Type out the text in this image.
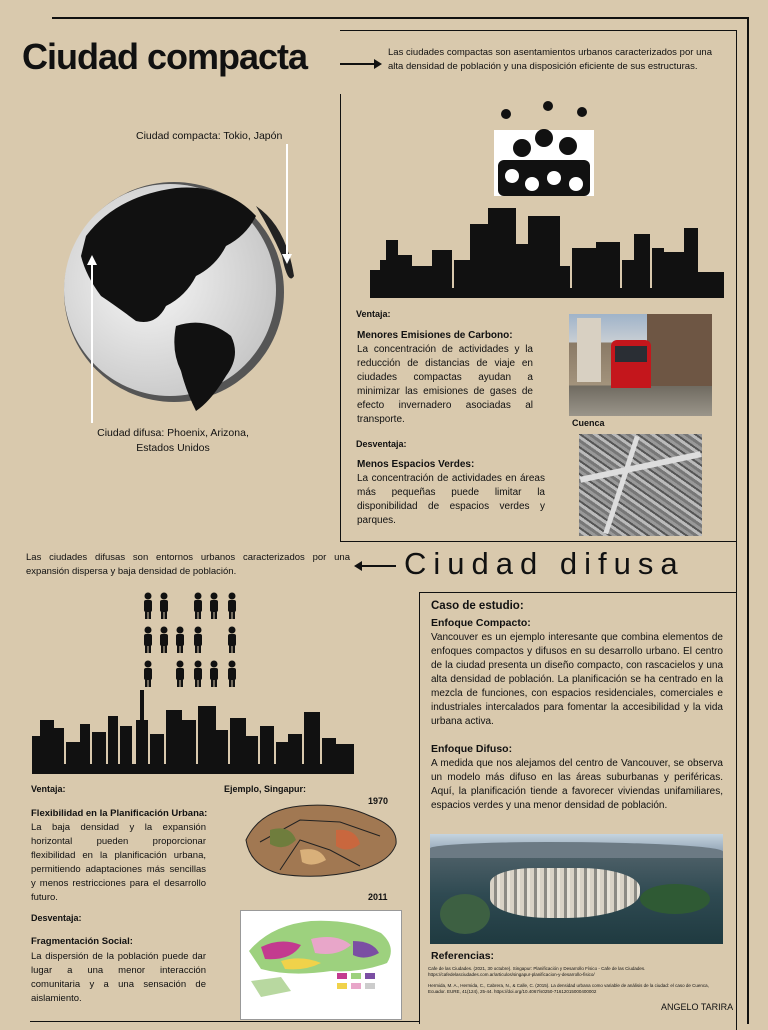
Ciudad compacta	Las ciudades compactas son asentamientos urbanos caracterizados por una alta densidad de población y una disposición eficiente de sus estructuras.
Ciudad compacta: Tokio, Japón
Ciudad difusa: Phoenix, Arizona, Estados Unidos
Ventaja:
Menores Emisiones de Carbono:
La concentración de actividades y la reducción de distancias de viaje en ciudades compactas ayudan a minimizar las emisiones de gases de efecto invernadero asociadas al transporte.	Cuenca
Desventaja:
Menos Espacios Verdes:
La concentración de actividades en áreas más pequeñas puede limitar la disponibilidad de espacios verdes y parques.
Las ciudades difusas son entornos urbanos caracterizados por una expansión dispersa y baja densidad de población.	Ciudad difusa
Ventaja:
Flexibilidad en la Planificación Urbana:
La baja densidad y la expansión horizontal pueden proporcionar flexibilidad en la planificación urbana, permitiendo adaptaciones más sencillas y menos restricciones para el desarrollo futuro.
Desventaja:
Fragmentación Social:
La dispersión de la población puede dar lugar a una menor interacción comunitaria y a una sensación de aislamiento.
Ejemplo, Singapur:
1970
2011
Caso de estudio:
Enfoque Compacto:
Vancouver es un ejemplo interesante que combina elementos de enfoques compactos y difusos en su desarrollo urbano. El centro de la ciudad presenta un diseño compacto, con rascacielos y una alta densidad de población. La planificación se ha centrado en la mezcla de funciones, con espacios residenciales, comerciales e industriales intercalados para fomentar la accesibilidad y la vida urbana activa.
Enfoque Difuso:
A medida que nos alejamos del centro de Vancouver, se observa un modelo más difuso en las áreas suburbanas y periféricas. Aquí, la planificación tiende a favorecer viviendas unifamiliares, espacios verdes y una menor densidad de población.
Referencias:
Cafe de las Ciudades. (2021, 30 octubre). Singapur: Planificación y Desarrollo Físico - Cafe de las Ciudades. https://cafedelasciudades.com.ar/articulos/singapur-planificacion-y-desarrollo-fisico/
Hermida, M. A., Hermida, C., Cabrera, N., & Calle, C. (2015). La densidad urbana como variable de análisis de la ciudad: el caso de Cuenca, Ecuador. EURE, 41(124), 25-44. https://doi.org/10.4067/s0250-71612015000400002
ANGELO TARIRA
